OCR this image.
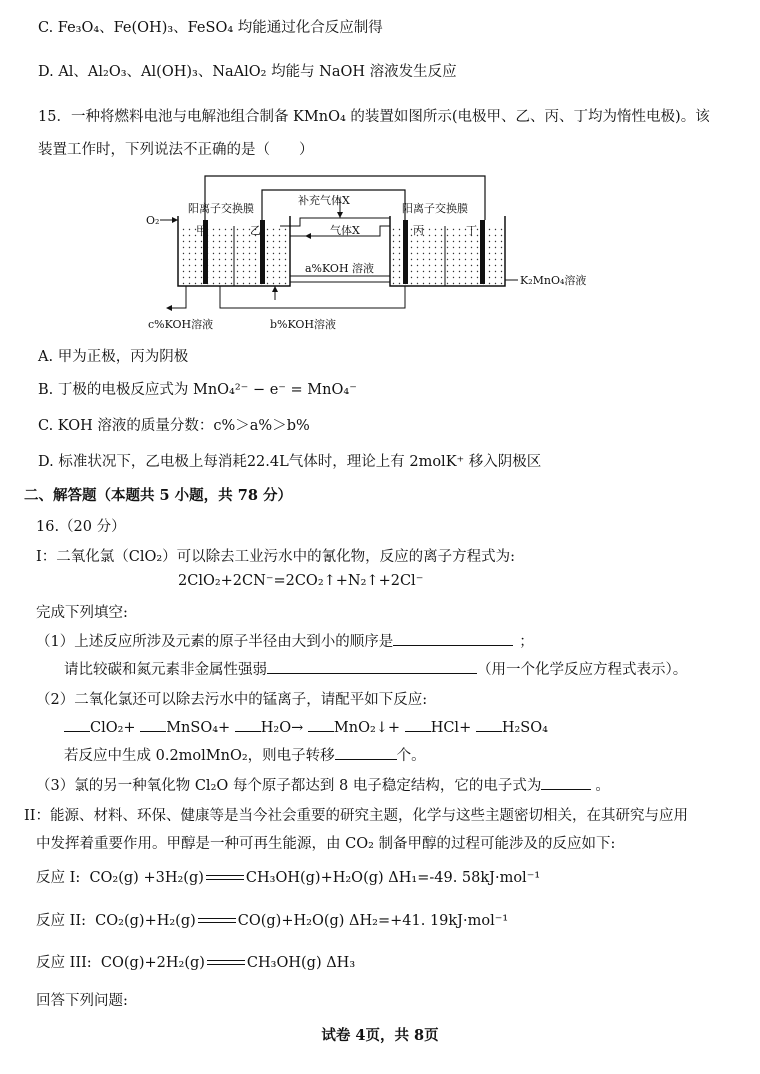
C. Fe₃O₄、Fe(OH)₃、FeSO₄ 均能通过化合反应制得
D. Al、Al₂O₃、Al(OH)₃、NaAlO₂ 均能与 NaOH 溶液发生反应
15．一种将燃料电池与电解池组合制备 KMnO₄ 的装置如图所示(电极甲、乙、丙、丁均为惰性电极)。该
装置工作时，下列说法不正确的是（　　）
甲	乙	丙	丁
阳离子交换膜	阳离子交换膜
补充气体X
气体X
O₂
a%KOH 溶液
K₂MnO₄溶液
c%KOH溶液	b%KOH溶液
A. 甲为正极，丙为阴极
B. 丁极的电极反应式为 MnO₄²⁻ − e⁻ = MnO₄⁻
C. KOH 溶液的质量分数：c%＞a%＞b%
D. 标准状况下，乙电极上每消耗22.4L气体时，理论上有 2molK⁺ 移入阴极区
二、解答题（本题共 5 小题，共 78 分）
16.（20 分）
I：二氧化氯（ClO₂）可以除去工业污水中的氰化物，反应的离子方程式为:
2ClO₂+2CN⁻=2CO₂↑+N₂↑+2Cl⁻
完成下列填空:
（1）上述反应所涉及元素的原子半径由大到小的顺序是	；
请比较碳和氮元素非金属性强弱	（用一个化学反应方程式表示）。
（2）二氧化氯还可以除去污水中的锰离子，请配平如下反应:
ClO₂+ MnSO₄+ H₂O→ MnO₂↓+ HCl+ H₂SO₄
若反应中生成 0.2molMnO₂，则电子转移	个。
（3）氯的另一种氧化物 Cl₂O 每个原子都达到 8 电子稳定结构，它的电子式为	。
II：能源、材料、环保、健康等是当今社会重要的研究主题，化学与这些主题密切相关，在其研究与应用
中发挥着重要作用。甲醇是一种可再生能源，由 CO₂ 制备甲醇的过程可能涉及的反应如下:
反应 I: CO₂(g) +3H₂(g)	CH₃OH(g)+H₂O(g) ΔH₁=-49. 58kJ·mol⁻¹
反应 II: CO₂(g)+H₂(g)	CO(g)+H₂O(g) ΔH₂=+41. 19kJ·mol⁻¹
反应 III: CO(g)+2H₂(g)	CH₃OH(g) ΔH₃
回答下列问题:
试卷 4页，共 8页
